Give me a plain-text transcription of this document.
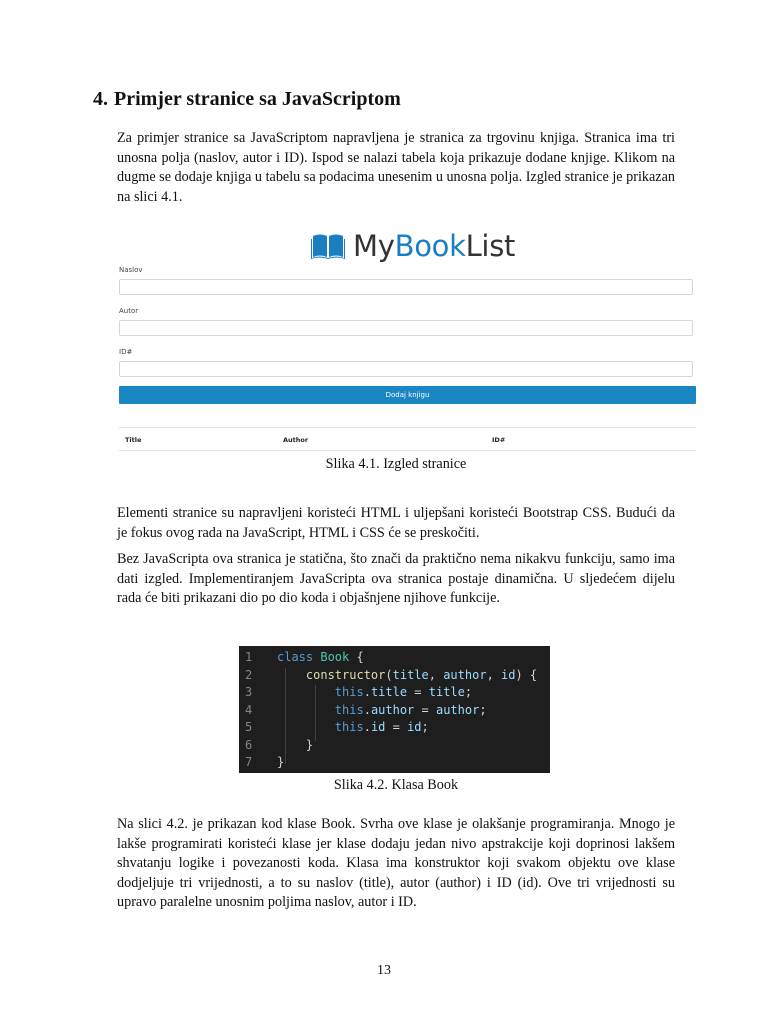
4. Primjer stranice sa JavaScriptom

Za primjer stranice sa JavaScriptom napravljena je stranica za trgovinu knjiga. Stranica ima tri unosna polja (naslov, autor i ID). Ispod se nalazi tabela koja prikazuje dodane knjige. Klikom na dugme se dodaje knjiga u tabelu sa podacima unesenim u unosna polja. Izgled stranice je prikazan na slici 4.1.

MyBookList
Naslov
Autor
ID#
Dodaj knjigu
Title	Author	ID#

Slika 4.1. Izgled stranice

Elementi stranice su napravljeni koristeći HTML i uljepšani koristeći Bootstrap CSS. Budući da je fokus ovog rada na JavaScript, HTML i CSS će se preskočiti.

Bez JavaScripta ova stranica je statična, što znači da praktično nema nikakvu funkciju, samo ima dati izgled. Implementiranjem JavaScripta ova stranica postaje dinamična. U sljedećem dijelu rada će biti prikazani dio po dio koda i objašnjene njihove funkcije.

1 class Book {
2	constructor(title, author, id) {
3	this.title = title;
4	this.author = author;
5	this.id = id;
6    }
7 }

Slika 4.2. Klasa Book

Na slici 4.2. je prikazan kod klase Book. Svrha ove klase je olakšanje programiranja. Mnogo je lakše programirati koristeći klase jer klase dodaju jedan nivo apstrakcije koji doprinosi lakšem shvatanju logike i povezanosti koda. Klasa ima konstruktor koji svakom objektu ove klase dodjeljuje tri vrijednosti, a to su naslov (title), autor (author) i ID (id). Ove tri vrijednosti su upravo paralelne unosnim poljima naslov, autor i ID.

13
